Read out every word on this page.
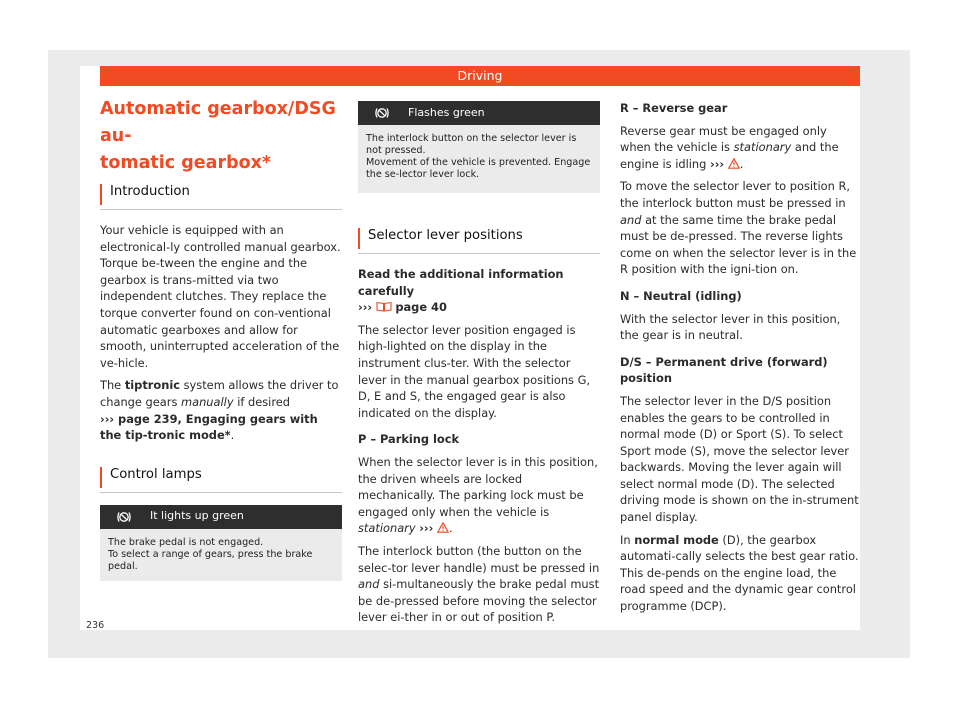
Driving
Automatic gearbox/DSG au-
tomatic gearbox*
Introduction

Your vehicle is equipped with an electronical-ly controlled manual gearbox. Torque be-tween the engine and the gearbox is trans-mitted via two independent clutches. They replace the torque converter found on con-ventional automatic gearboxes and allow for smooth, uninterrupted acceleration of the ve-hicle.

The tiptronic system allows the driver to change gears manually if desired
››› page 239, Engaging gears with the tip-tronic mode*.

Control lamps
It lights up green
The brake pedal is not engaged.
To select a range of gears, press the brake pedal.
Flashes green
The interlock button on the selector lever is not pressed.
Movement of the vehicle is prevented. Engage the se-lector lever lock.
Selector lever positions

Read the additional information carefully
››› page 40

The selector lever position engaged is high-lighted on the display in the instrument clus-ter. With the selector lever in the manual gearbox positions G, D, E and S, the engaged gear is also indicated on the display.

P – Parking lock

When the selector lever is in this position, the driven wheels are locked mechanically. The parking lock must be engaged only when the vehicle is stationary ››› .

The interlock button (the button on the selec-tor lever handle) must be pressed in and si-multaneously the brake pedal must be de-pressed before moving the selector lever ei-ther in or out of position P.

R – Reverse gear

Reverse gear must be engaged only when the vehicle is stationary and the engine is idling ››› .

To move the selector lever to position R, the interlock button must be pressed in and at the same time the brake pedal must be de-pressed. The reverse lights come on when the selector lever is in the R position with the igni-tion on.

N – Neutral (idling)

With the selector lever in this position, the gear is in neutral.

D/S – Permanent drive (forward) position

The selector lever in the D/S position enables the gears to be controlled in normal mode (D) or Sport (S). To select Sport mode (S), move the selector lever backwards. Moving the lever again will select normal mode (D). The selected driving mode is shown on the in-strument panel display.

In normal mode (D), the gearbox automati-cally selects the best gear ratio. This de-pends on the engine load, the road speed and the dynamic gear control programme (DCP).

236
